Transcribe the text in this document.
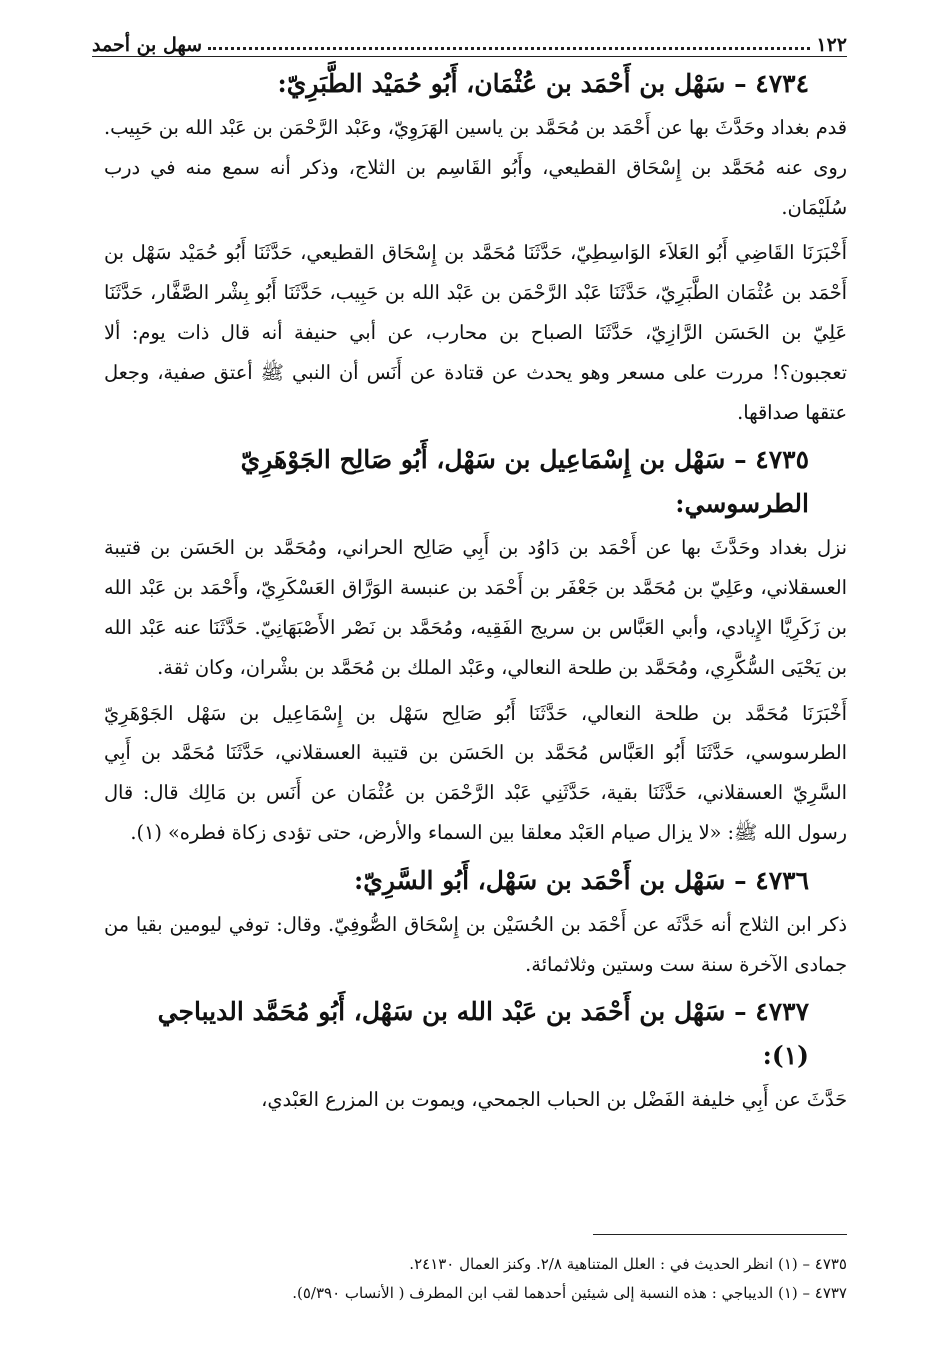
١٢٢
سهل بن أحمد

٤٧٣٤ – سَهْل بن أَحْمَد بن عُثْمَان، أَبُو حُمَيْد الطَّبَرِيّ:

قدم بغداد وحَدَّثَ بها عن أَحْمَد بن مُحَمَّد بن ياسين الهَرَوِيّ، وعَبْد الرَّحْمَن بن عَبْد الله بن حَبِيب. روى عنه مُحَمَّد بن إِسْحَاق القطيعي، وأَبُو القَاسِم بن الثلاج، وذكر أنه سمع منه في درب سُلَيْمَان.

أَخْبَرَنَا القَاضِي أَبُو العَلاَء الوَاسِطِيّ، حَدَّثَنَا مُحَمَّد بن إِسْحَاق القطيعي، حَدَّثَنَا أَبُو حُمَيْد سَهْل بن أَحْمَد بن عُثْمَان الطَّبَرِيّ، حَدَّثَنَا عَبْد الرَّحْمَن بن عَبْد الله بن حَبِيب، حَدَّثَنَا أَبُو بِشْر الصَّفَّار، حَدَّثَنَا عَلِيّ بن الحَسَن الرَّازِيّ، حَدَّثَنَا الصباح بن محارب، عن أبي حنيفة أنه قال ذات يوم: ألا تعجبون؟! مررت على مسعر وهو يحدث عن قتادة عن أَنَس أن النبي ﷺ أعتق صفية، وجعل عتقها صداقها.

٤٧٣٥ – سَهْل بن إِسْمَاعِيل بن سَهْل، أَبُو صَالِح الجَوْهَرِيّ الطرسوسي:

نزل بغداد وحَدَّثَ بها عن أَحْمَد بن دَاوُد بن أَبِي صَالِح الحراني، ومُحَمَّد بن الحَسَن بن قتيبة العسقلاني، وعَلِيّ بن مُحَمَّد بن جَعْفَر بن أَحْمَد بن عنبسة الوَرَّاق العَسْكَرِيّ، وأَحْمَد بن عَبْد الله بن زَكَرِيَّا الإِيادي، وأبي العَبَّاس بن سريج الفَقِيه، ومُحَمَّد بن نَصْر الأَصْبَهَانِيّ. حَدَّثَنَا عنه عَبْد الله بن يَحْيَى السُّكَّرِي، ومُحَمَّد بن طلحة النعالي، وعَبْد الملك بن مُحَمَّد بن بشْران، وكان ثقة.

أَخْبَرَنَا مُحَمَّد بن طلحة النعالي، حَدَّثَنَا أَبُو صَالِح سَهْل بن إِسْمَاعِيل بن سَهْل الجَوْهَرِيّ الطرسوسي، حَدَّثَنَا أَبُو العَبَّاس مُحَمَّد بن الحَسَن بن قتيبة العسقلاني، حَدَّثَنَا مُحَمَّد بن أَبِي السَّرِيّ العسقلاني، حَدَّثَنَا بقية، حَدَّثَنِي عَبْد الرَّحْمَن بن عُثْمَان عن أَنَس بن مَالِك قال: قال رسول الله ﷺ: «لا يزال صيام العَبْد معلقا بين السماء والأرض، حتى تؤدى زكاة فطره» (١).

٤٧٣٦ – سَهْل بن أَحْمَد بن سَهْل، أَبُو السَّرِيّ:

ذكر ابن الثلاج أنه حَدَّثَه عن أَحْمَد بن الحُسَيْن بن إِسْحَاق الصُّوفِيّ. وقال: توفي ليومين بقيا من جمادى الآخرة سنة ست وستين وثلاثمائة.

٤٧٣٧ – سَهْل بن أَحْمَد بن عَبْد الله بن سَهْل، أَبُو مُحَمَّد الديباجي (١):

حَدَّثَ عن أَبِي خليفة الفَضْل بن الحباب الجمحي، ويموت بن المزرع العَبْدي،

٤٧٣٥ – (١) انظر الحديث في : العلل المتناهية ٢/٨. وكنز العمال ٢٤١٣٠.

٤٧٣٧ – (١) الديباجي : هذه النسبة إلى شيئين أحدهما لقب ابن المطرف ( الأنساب ٥/٣٩٠).
